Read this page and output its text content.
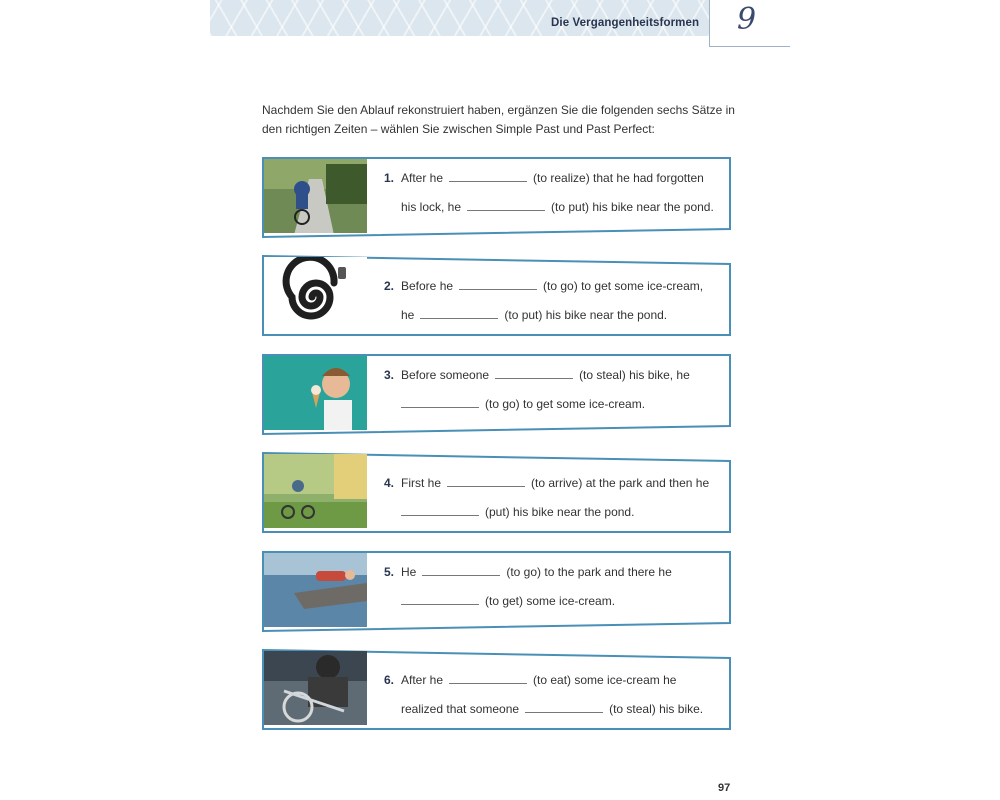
Die Vergangenheitsformen 9
Nachdem Sie den Ablauf rekonstruiert haben, ergänzen Sie die folgenden sechs Sätze in den richtigen Zeiten – wählen Sie zwischen Simple Past und Past Perfect:
1. After he	(to realize) that he had forgotten
his lock, he	(to put) his bike near the pond.
2. Before he	(to go) to get some ice-cream,
he	(to put) his bike near the pond.
3. Before someone	(to steal) his bike, he
(to go) to get some ice-cream.
4. First he	(to arrive) at the park and then he
(put) his bike near the pond.
5. He	(to go) to the park and there he
(to get) some ice-cream.
6. After he	(to eat) some ice-cream he
realized that someone	(to steal) his bike.
97
